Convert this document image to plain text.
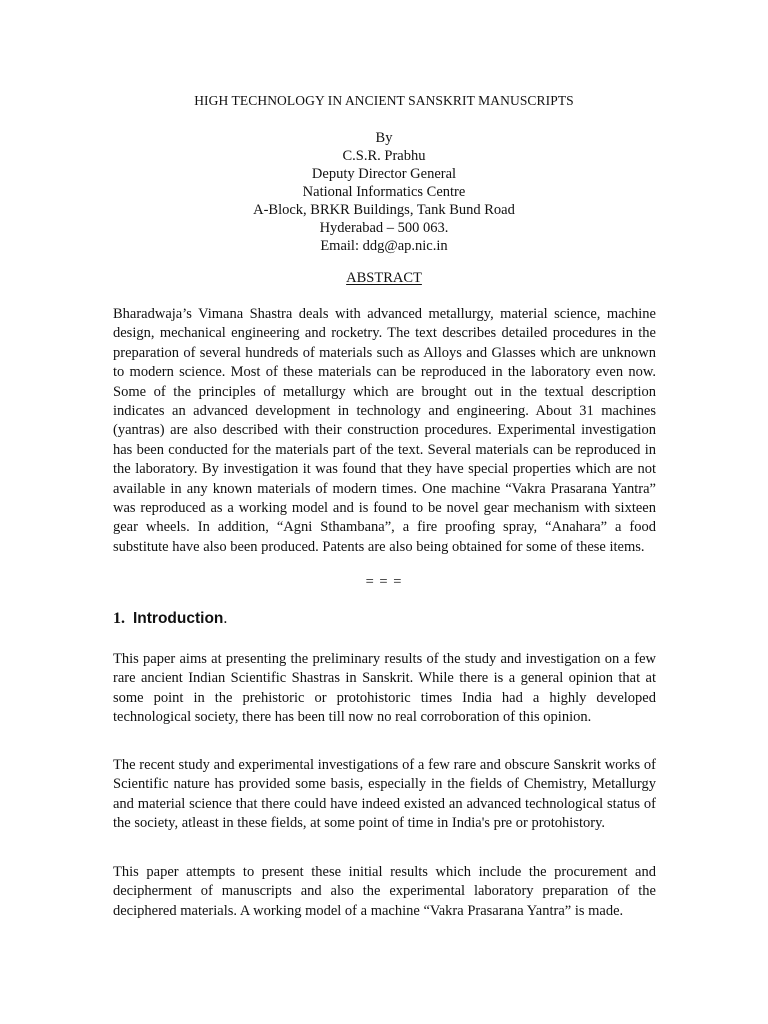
HIGH TECHNOLOGY IN ANCIENT SANSKRIT MANUSCRIPTS
By
C.S.R. Prabhu
Deputy Director General
National Informatics Centre
A-Block, BRKR Buildings, Tank Bund Road
Hyderabad – 500 063.
Email: ddg@ap.nic.in
ABSTRACT

Bharadwaja’s Vimana Shastra deals with advanced metallurgy, material science, machine design, mechanical engineering and rocketry. The text describes detailed procedures in the preparation of several hundreds of materials such as Alloys and Glasses which are unknown to modern science. Most of these materials can be reproduced in the laboratory even now. Some of the principles of metallurgy which are brought out in the textual description indicates an advanced development in technology and engineering. About 31 machines (yantras) are also described with their construction procedures. Experimental investigation has been conducted for the materials part of the text. Several materials can be reproduced in the laboratory. By investigation it was found that they have special properties which are not available in any known materials of modern times. One machine “Vakra Prasarana Yantra” was reproduced as a working model and is found to be novel gear mechanism with sixteen gear wheels. In addition, “Agni Sthambana”, a fire proofing spray, “Anahara” a food substitute have also been produced. Patents are also being obtained for some of these items.

= = =
1. Introduction.

This paper aims at presenting the preliminary results of the study and investigation on a few rare ancient Indian Scientific Shastras in Sanskrit. While there is a general opinion that at some point in the prehistoric or protohistoric times India had a highly developed technological society, there has been till now no real corroboration of this opinion.

The recent study and experimental investigations of a few rare and obscure Sanskrit works of Scientific nature has provided some basis, especially in the fields of Chemistry, Metallurgy and material science that there could have indeed existed an advanced technological status of the society, atleast in these fields, at some point of time in India's pre or protohistory.

This paper attempts to present these initial results which include the procurement and decipherment of manuscripts and also the experimental laboratory preparation of the deciphered materials. A working model of a machine “Vakra Prasarana Yantra” is made.
